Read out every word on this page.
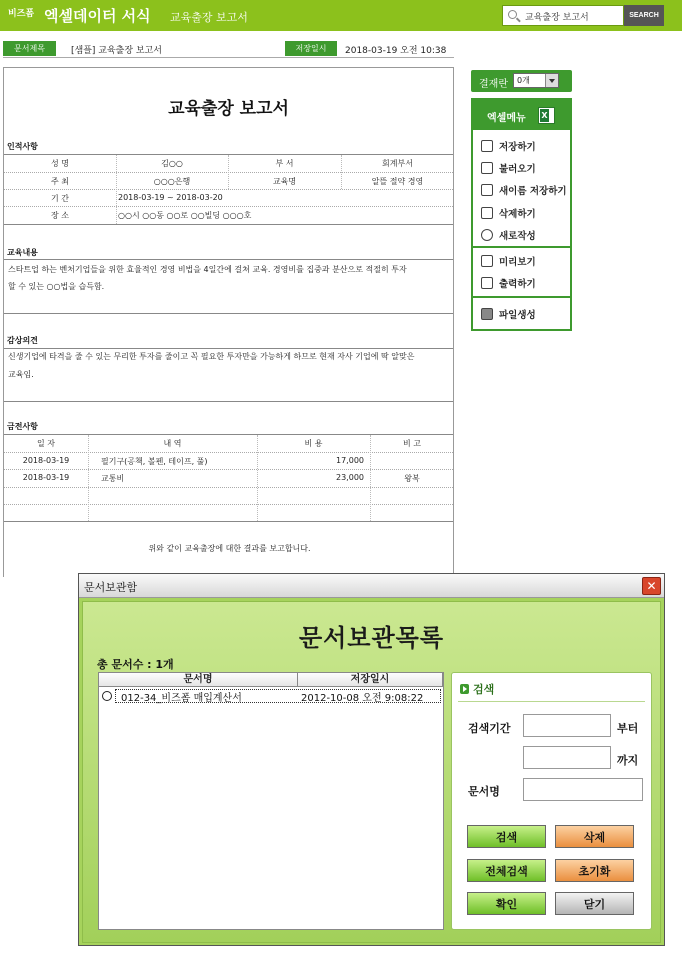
비즈폼 엑셀데이터 서식 교육출장 보고서
교육출장 보고서	SEARCH
문서제목	[샘플] 교육출장 보고서	저장일시	2018-03-19 오전 10:38
교육출장 보고서
인적사항
성 명	김○○	부 서	회계부서
주 최	○○○은행	교육명	알뜰 절약 경영
기 간	2018-03-19 ~ 2018-03-20
장 소	○○시 ○○동 ○○로 ○○빌딩 ○○○호
교육내용
스타트업 하는 벤처기업들을 위한 효율적인 경영 비법을 4일간에 걸쳐 교육. 경영비를 집중과 분산으로 적절히 투자
할 수 있는 ○○법을 습득함.
감상의견
신생기업에 타격을 줄 수 있는 무리한 투자를 줄이고 꼭 필요한 투자만을 가능하게 하므로 현재 자사 기업에 딱 알맞은
교육임.
금전사항
일 자	내 역	비 용	비 고
2018-03-19	필기구(공책, 볼펜, 테이프, 풀)	17,000
2018-03-19	교통비	23,000	왕복
위와 같이 교육출장에 대한 결과를 보고합니다.
결재란 0개
엑셀메뉴
X
저장하기
불러오기
새이름 저장하기
삭제하기
새로작성
미리보기
출력하기
파일생성
문서보관함	✕
문서보관목록
총 문서수 : 1개
문서명	저장일시
012-34_비즈폼 매입계산서	2012-10-08 오전 9:08:22
검색
검색기간	부터
까지
문서명
검색	삭제
전체검색	초기화
확인	닫기
